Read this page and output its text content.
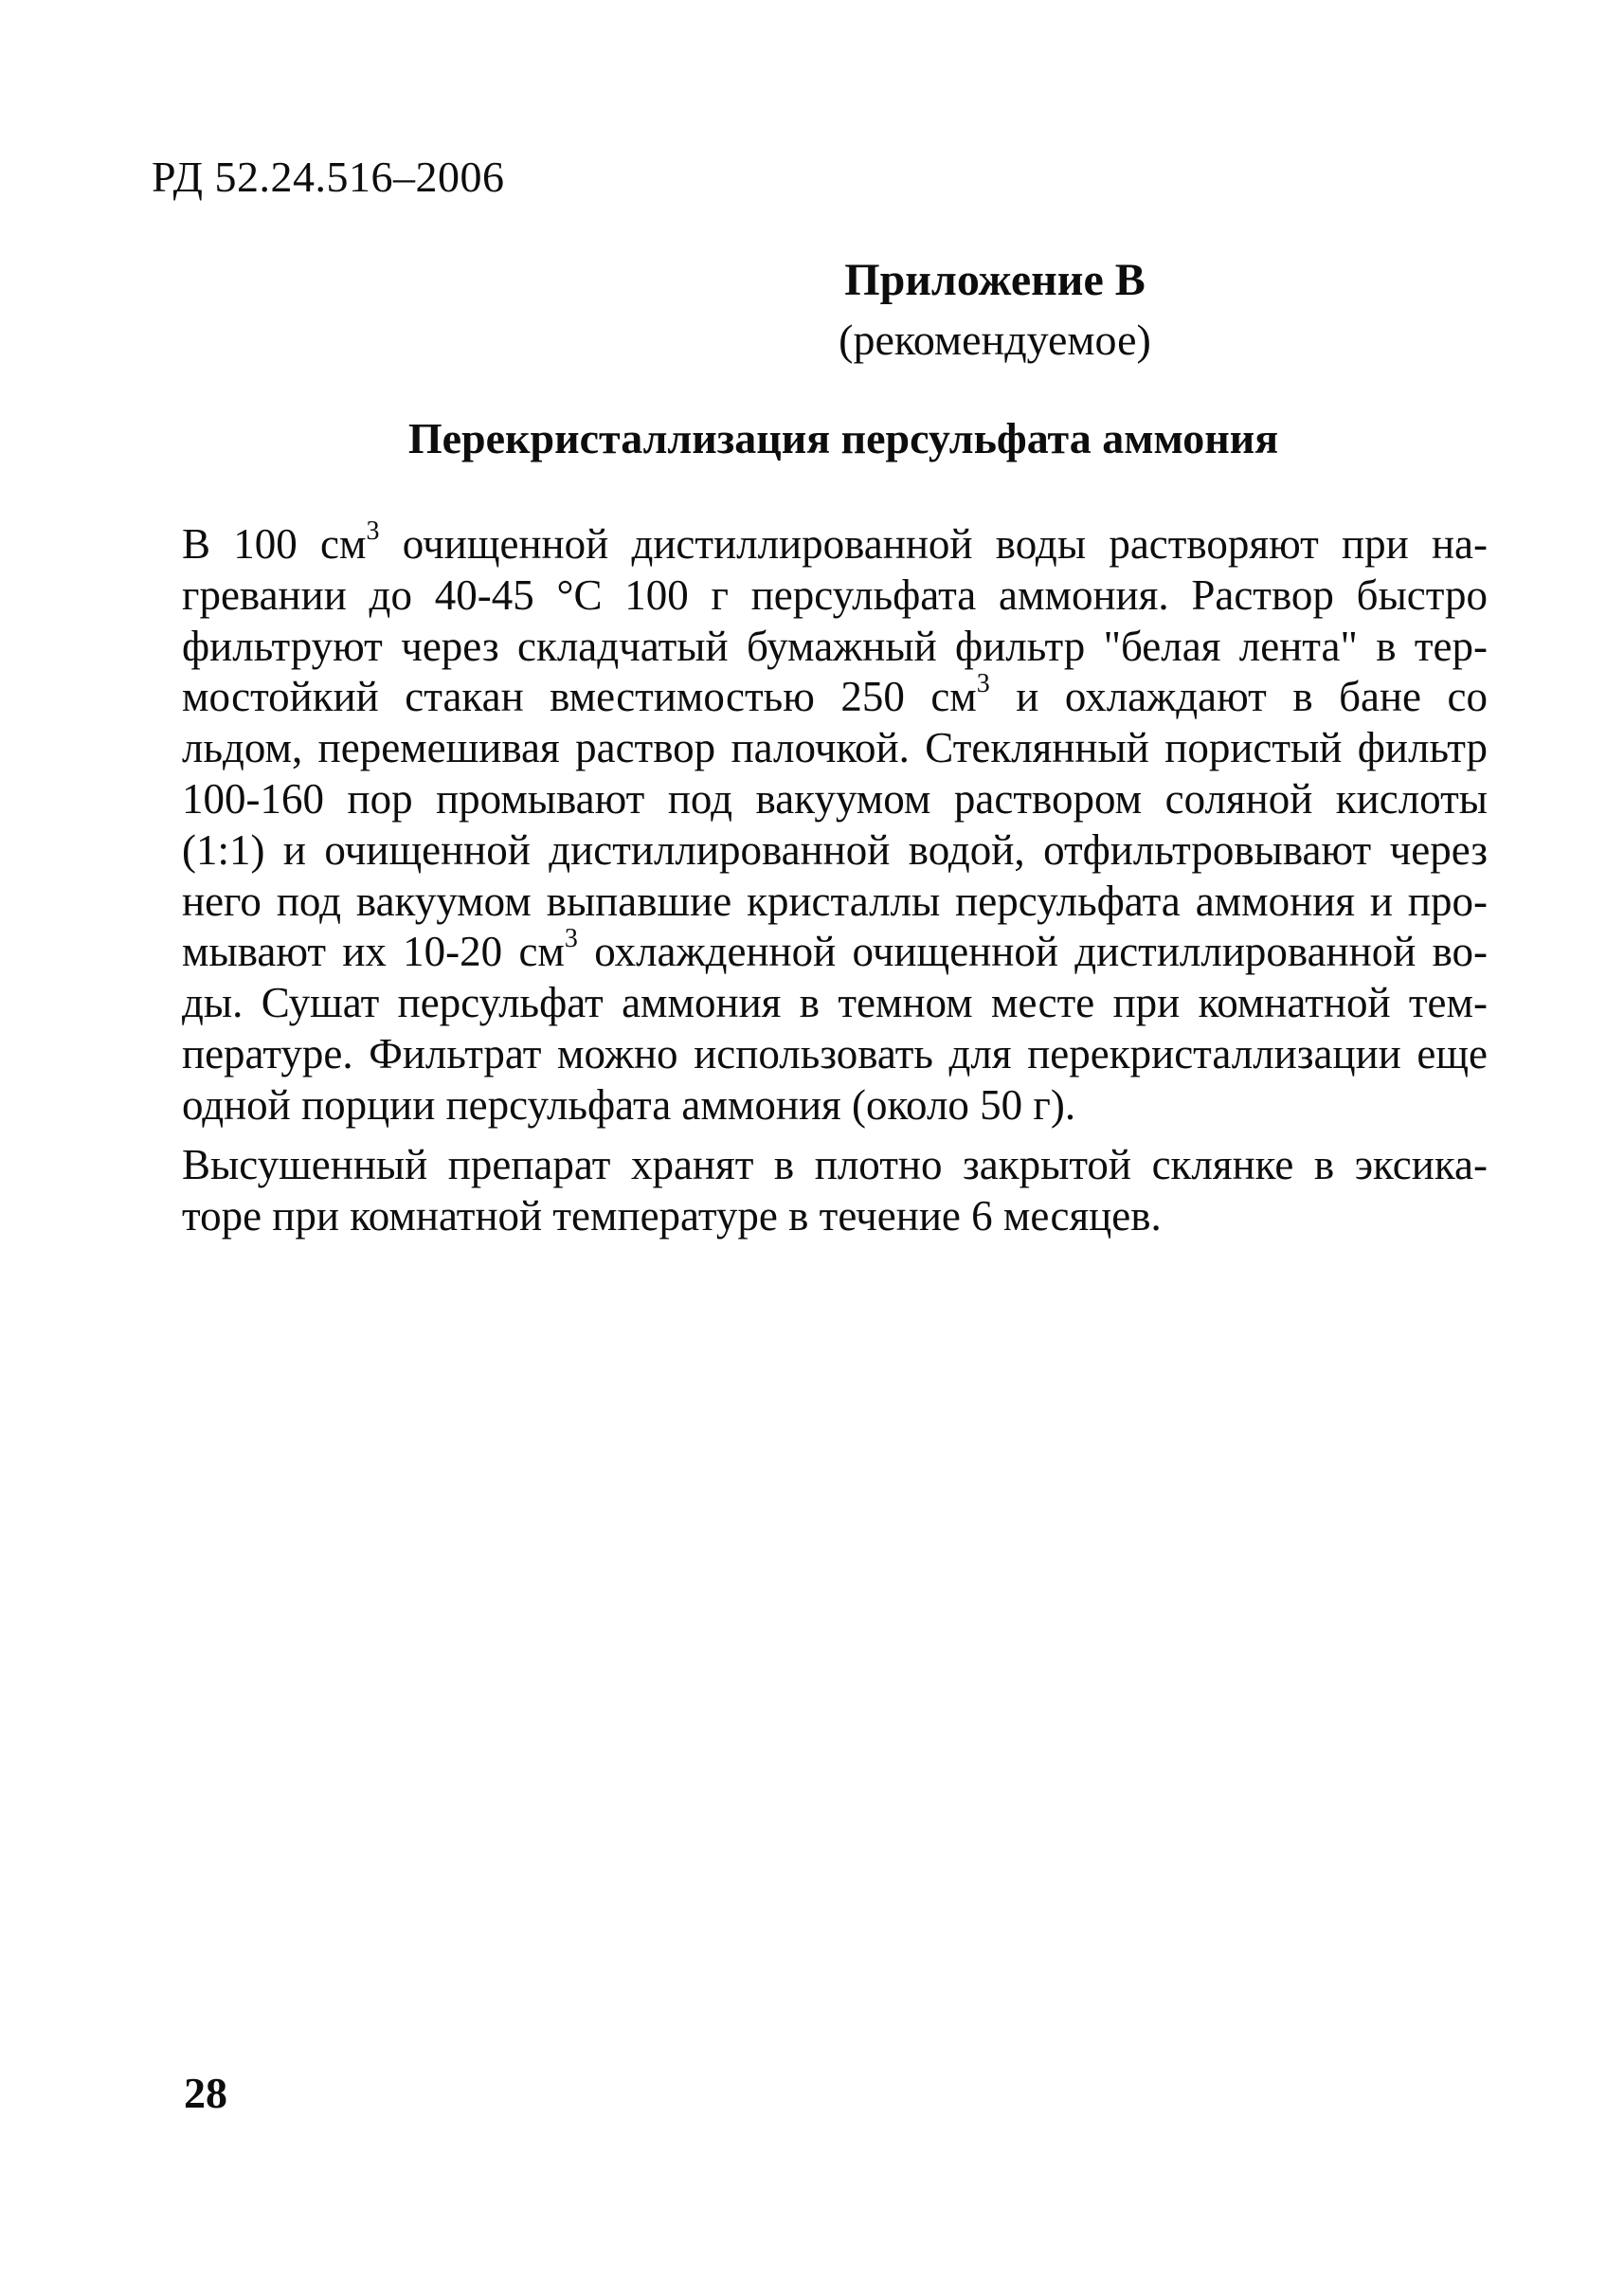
РД 52.24.516–2006
Приложение В
(рекомендуемое)
Перекристаллизация персульфата аммония
В 100 $см^3$ очищенной дистиллированной воды растворяют при на-
гревании до 40-45 °С 100 г персульфата аммония. Раствор быстро
фильтруют через складчатый бумажный фильтр "белая лента" в тер-
мостойкий стакан вместимостью 250 $см^3$ и охлаждают в бане со
льдом, перемешивая раствор палочкой. Стеклянный пористый фильтр
100-160 пор промывают под вакуумом раствором соляной кислоты
(1:1) и очищенной дистиллированной водой, отфильтровывают через
него под вакуумом выпавшие кристаллы персульфата аммония и про-
мывают их 10-20 $см^3$ охлажденной очищенной дистиллированной во-
ды. Сушат персульфат аммония в темном месте при комнатной тем-
пературе. Фильтрат можно использовать для перекристаллизации еще
одной порции персульфата аммония (около 50 г).
Высушенный препарат хранят в плотно закрытой склянке в эксика-
торе при комнатной температуре в течение 6 месяцев.
28
